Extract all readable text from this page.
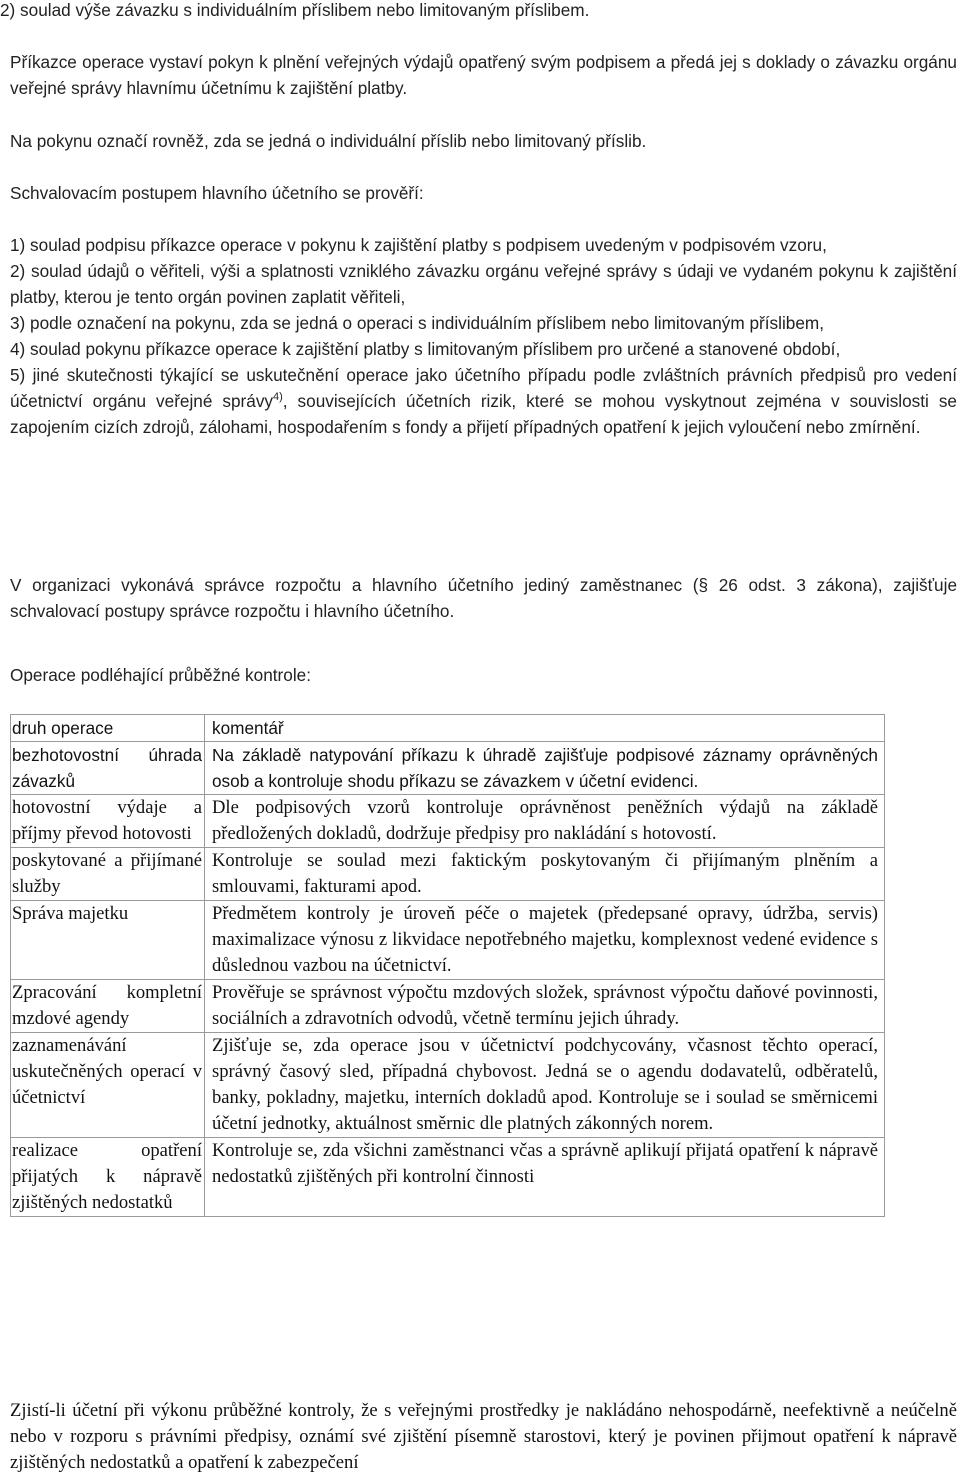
2) soulad výše závazku s individuálním příslibem nebo limitovaným příslibem.

Příkazce operace vystaví pokyn k plnění veřejných výdajů opatřený svým podpisem a předá jej s doklady o závazku orgánu veřejné správy hlavnímu účetnímu k zajištění platby.

Na pokynu označí rovněž, zda se jedná o individuální příslib nebo limitovaný příslib.

Schvalovacím postupem hlavního účetního se prověří:

1) soulad podpisu příkazce operace v pokynu k zajištění platby s podpisem uvedeným v podpisovém vzoru,

2) soulad údajů o věřiteli, výši a splatnosti vzniklého závazku orgánu veřejné správy s údaji ve vydaném pokynu k zajištění platby, kterou je tento orgán povinen zaplatit věřiteli,

3) podle označení na pokynu, zda se jedná o operaci s individuálním příslibem nebo limitovaným příslibem,

4) soulad pokynu příkazce operace k zajištění platby s limitovaným příslibem pro určené a stanovené období,

5) jiné skutečnosti týkající se uskutečnění operace jako účetního případu podle zvláštních právních předpisů pro vedení účetnictví orgánu veřejné správy$^{4)}$, souvisejících účetních rizik, které se mohou vyskytnout zejména v souvislosti se zapojením cizích zdrojů, zálohami, hospodařením s fondy a přijetí případných opatření k jejich vyloučení nebo zmírnění.

V organizaci vykonává správce rozpočtu a hlavního účetního jediný zaměstnanec (§ 26 odst. 3 zákona), zajišťuje schvalovací postupy správce rozpočtu i hlavního účetního.

Operace podléhající průběžné kontrole:

druh operace	komentář
bezhotovostní úhrada závazků	Na základě natypování příkazu k úhradě zajišťuje podpisové záznamy oprávněných osob a kontroluje shodu příkazu se závazkem v účetní evidenci.
hotovostní výdaje a příjmy převod hotovosti	Dle podpisových vzorů kontroluje oprávněnost peněžních výdajů na základě předložených dokladů, dodržuje předpisy pro nakládání s hotovostí.
poskytované a přijímané služby	Kontroluje se soulad mezi faktickým poskytovaným či přijímaným plněním a smlouvami, fakturami apod.
Správa majetku	Předmětem kontroly je úroveň péče o majetek (předepsané opravy, údržba, servis) maximalizace výnosu z likvidace nepotřebného majetku, komplexnost vedené evidence s důslednou vazbou na účetnictví.
Zpracování kompletní mzdové agendy	Prověřuje se správnost výpočtu mzdových složek, správnost výpočtu daňové povinnosti, sociálních a zdravotních odvodů, včetně termínu jejich úhrady.
zaznamenávání uskutečněných operací v účetnictví	Zjišťuje se, zda operace jsou v účetnictví podchycovány, včasnost těchto operací, správný časový sled, případná chybovost. Jedná se o agendu dodavatelů, odběratelů, banky, pokladny, majetku, interních dokladů apod. Kontroluje se i soulad se směrnicemi účetní jednotky, aktuálnost směrnic dle platných zákonných norem.
realizace opatření přijatých k nápravě zjištěných nedostatků	Kontroluje se, zda všichni zaměstnanci včas a správně aplikují přijatá opatření k nápravě nedostatků zjištěných při kontrolní činnosti

Zjistí-li účetní při výkonu průběžné kontroly, že s veřejnými prostředky je nakládáno nehospodárně, neefektivně a neúčelně nebo v rozporu s právními předpisy, oznámí své zjištění písemně starostovi, který je povinen přijmout opatření k nápravě zjištěných nedostatků a opatření k zabezpečení
